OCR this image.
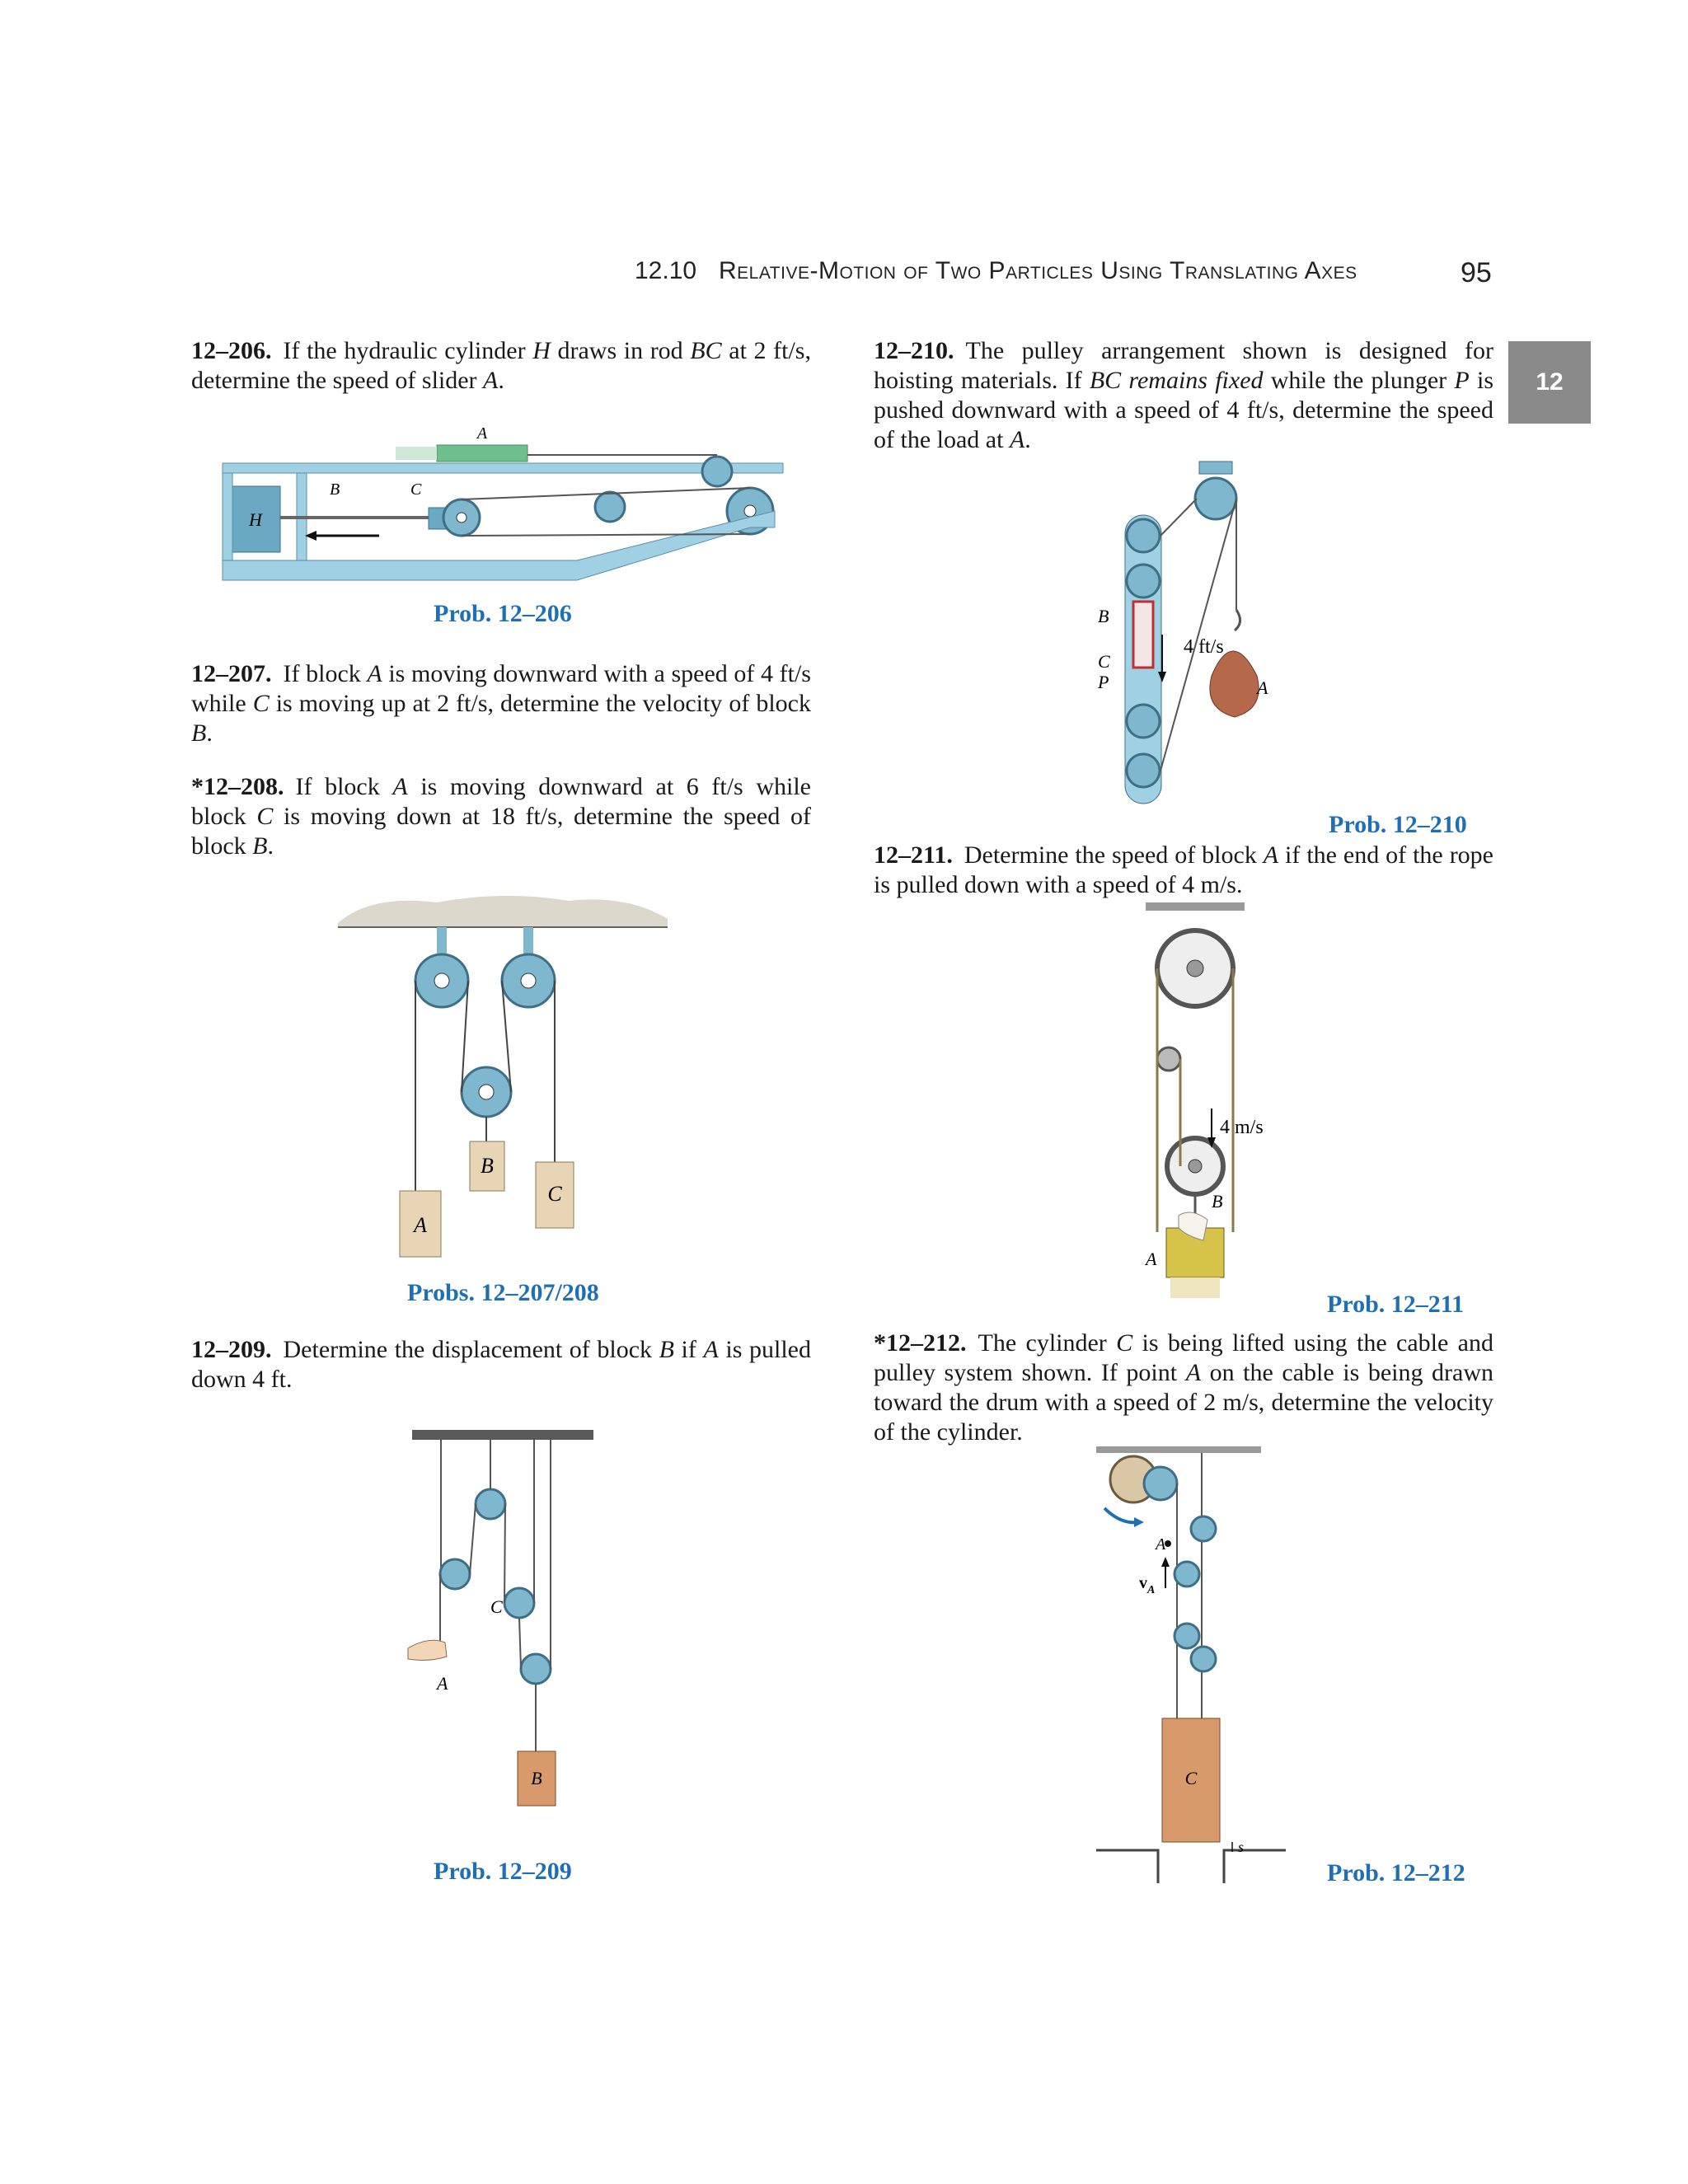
12.10 Relative-Motion of Two Particles Using Translating Axes	95
12
12–206. If the hydraulic cylinder H draws in rod BC at 2 ft/s, determine the speed of slider A.
A
H
B	C
Prob. 12–206
12–207. If block A is moving downward with a speed of 4 ft/s while C is moving up at 2 ft/s, determine the velocity of block B.
*12–208. If block A is moving downward at 6 ft/s while block C is moving down at 18 ft/s, determine the speed of block B.
A
B
C
Probs. 12–207/208
12–209. Determine the displacement of block B if A is pulled down 4 ft.
A
C
B
Prob. 12–209
12–210. The pulley arrangement shown is designed for hoisting materials. If BC remains fixed while the plunger P is pushed downward with a speed of 4 ft/s, determine the speed of the load at A.
B
C
P
4 ft/s
A
Prob. 12–210
12–211. Determine the speed of block A if the end of the rope is pulled down with a speed of 4 m/s.
A
4 m/s
B
Prob. 12–211
*12–212. The cylinder C is being lifted using the cable and pulley system shown. If point A on the cable is being drawn toward the drum with a speed of 2 m/s, determine the velocity of the cylinder.
A
$v_A$
C
s
Prob. 12–212
